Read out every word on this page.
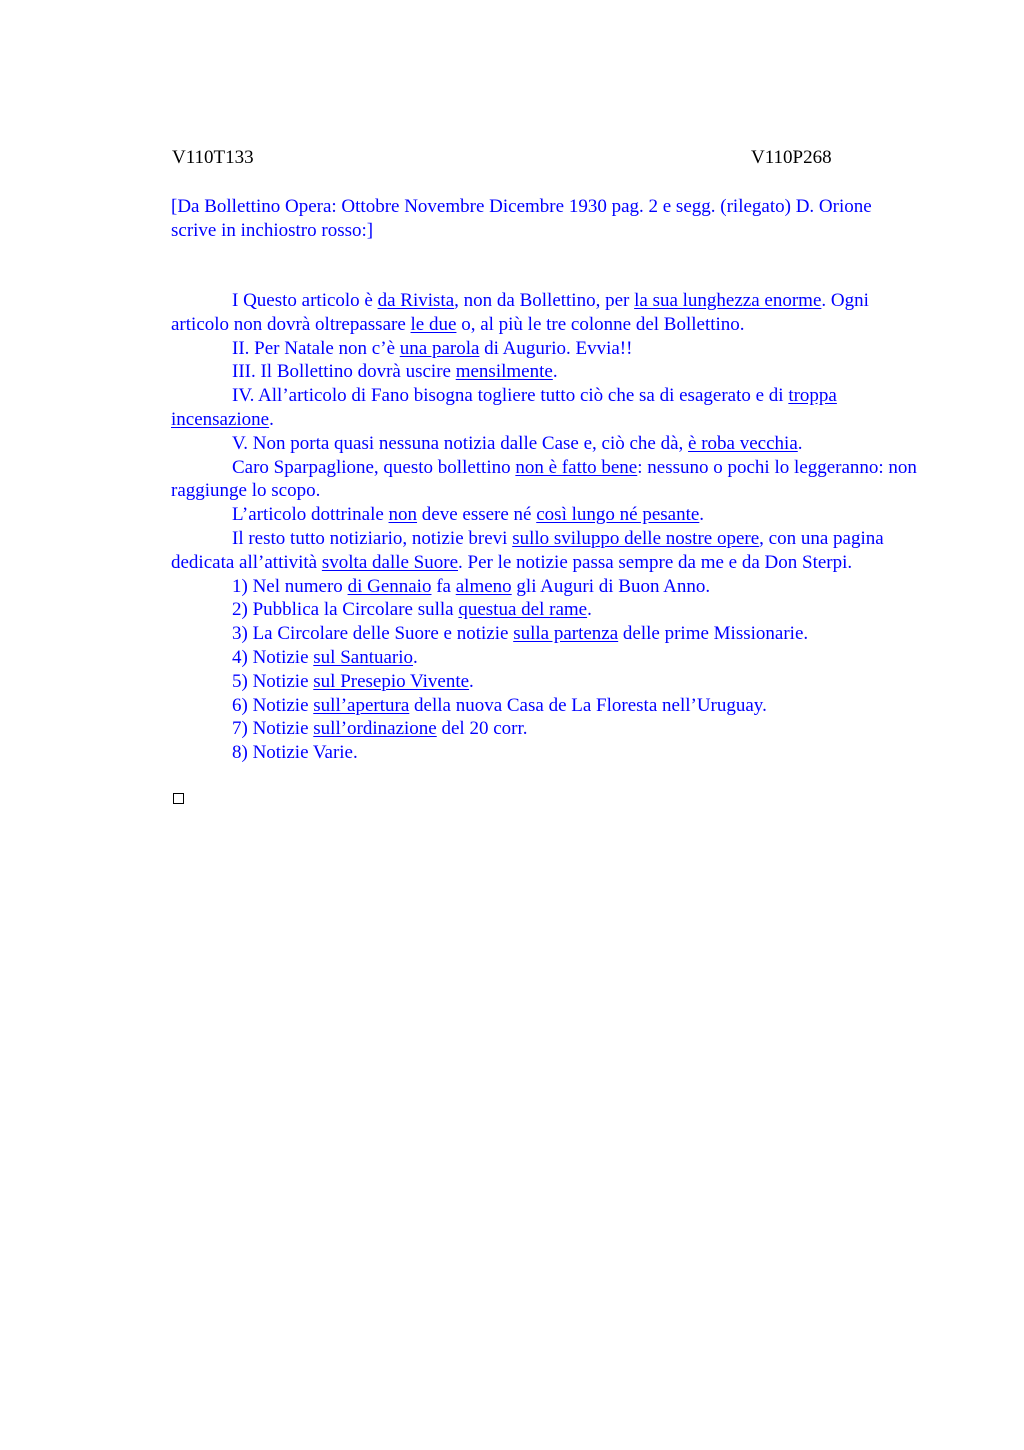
V110T133	V110P268
[Da Bollettino Opera: Ottobre Novembre Dicembre 1930 pag. 2 e segg. (rilegato) D. Orione scrive in inchiostro rosso:]

I Questo articolo è da Rivista, non da Bollettino, per la sua lunghezza enorme. Ogni articolo non dovrà oltrepassare le due o, al più le tre colonne del Bollettino.

II. Per Natale non c’è una parola di Augurio. Evvia!!

III. Il Bollettino dovrà uscire mensilmente.

IV. All’articolo di Fano bisogna togliere tutto ciò che sa di esagerato e di troppa incensazione.

V. Non porta quasi nessuna notizia dalle Case e, ciò che dà, è roba vecchia.

Caro Sparpaglione, questo bollettino non è fatto bene: nessuno o pochi lo leggeranno: non raggiunge lo scopo.

L’articolo dottrinale non deve essere né così lungo né pesante.

Il resto tutto notiziario, notizie brevi sullo sviluppo delle nostre opere, con una pagina dedicata all’attività svolta dalle Suore. Per le notizie passa sempre da me e da Don Sterpi.

1) Nel numero di Gennaio fa almeno gli Auguri di Buon Anno.

2) Pubblica la Circolare sulla questua del rame.

3) La Circolare delle Suore e notizie sulla partenza delle prime Missionarie.

4) Notizie sul Santuario.

5) Notizie sul Presepio Vivente.

6) Notizie sull’apertura della nuova Casa de La Floresta nell’Uruguay.

7) Notizie sull’ordinazione del 20 corr.

8) Notizie Varie.
